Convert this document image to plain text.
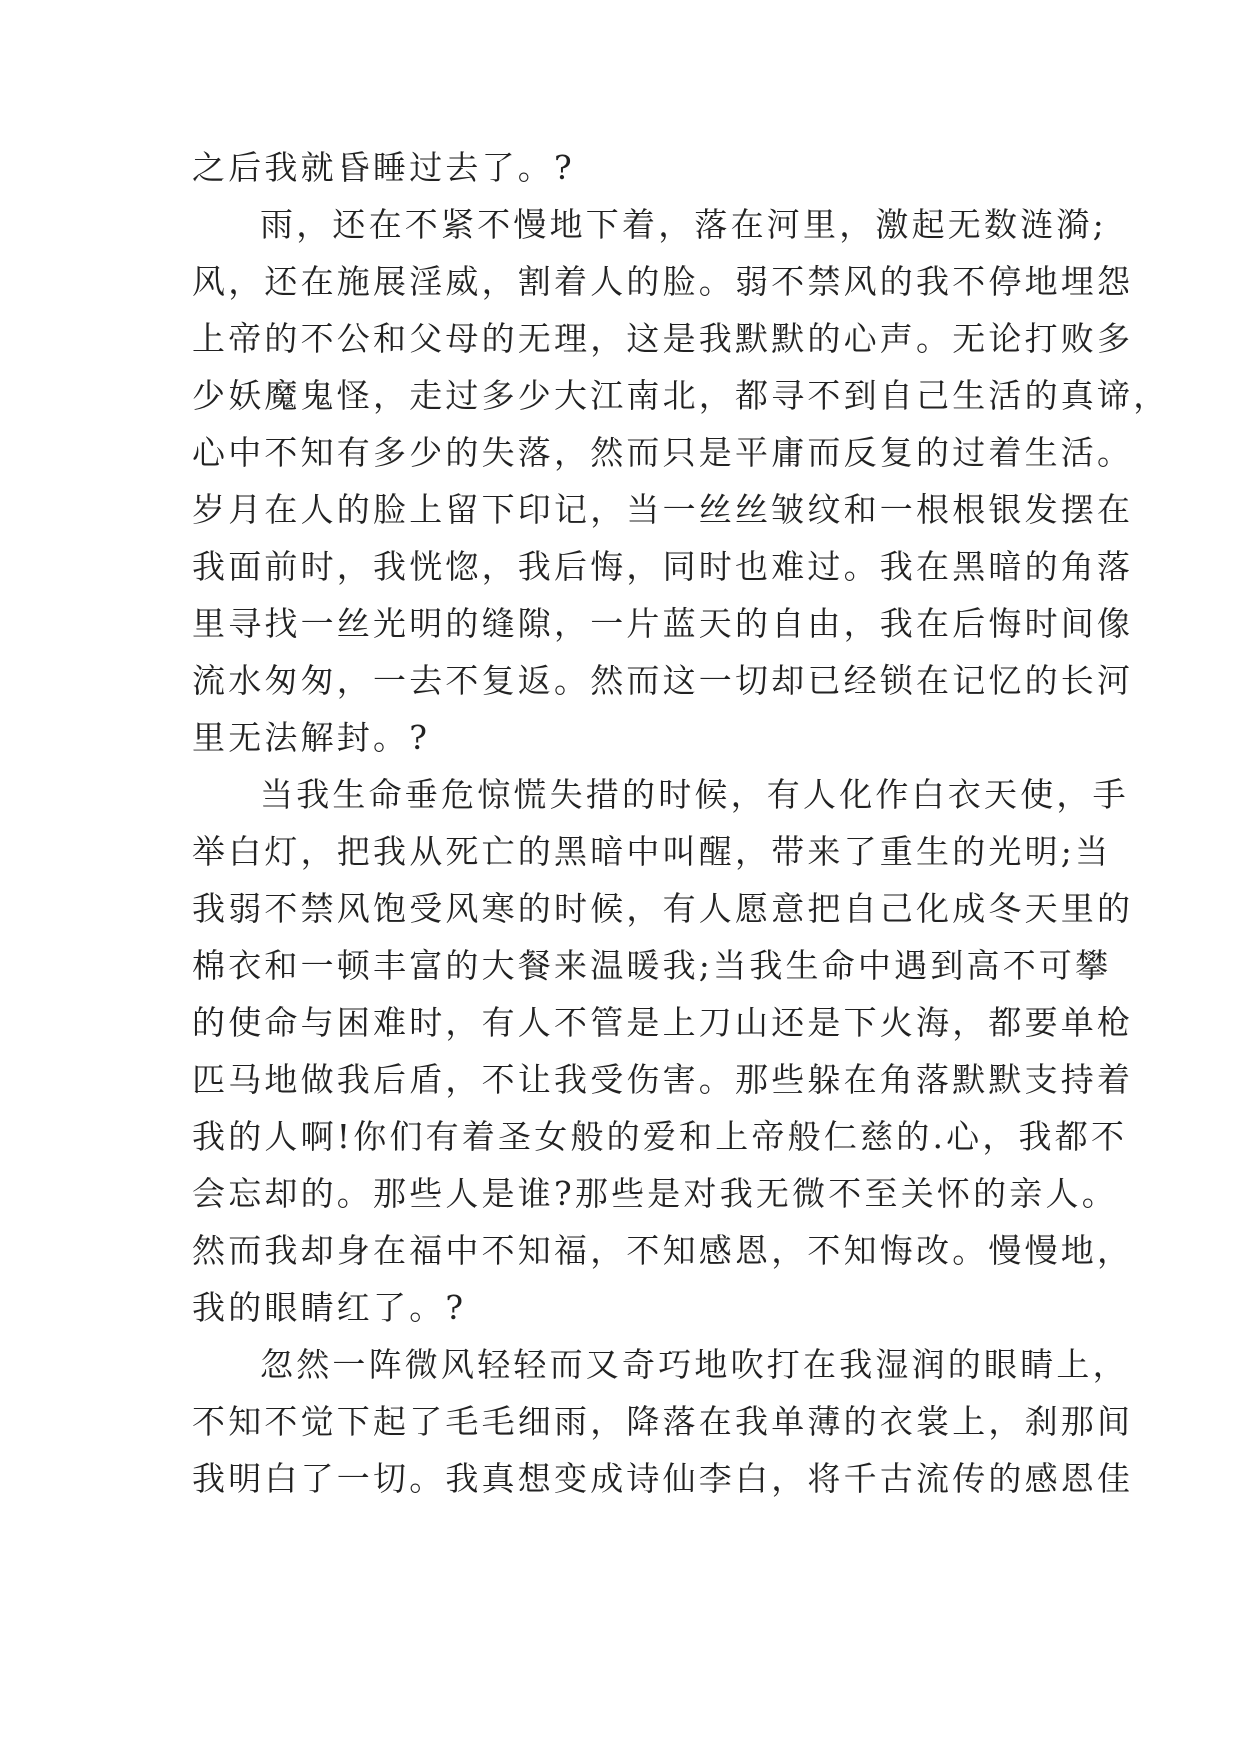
之后我就昏睡过去了。?
雨，还在不紧不慢地下着，落在河里，激起无数涟漪;
风，还在施展淫威，割着人的脸。弱不禁风的我不停地埋怨
上帝的不公和父母的无理，这是我默默的心声。无论打败多
少妖魔鬼怪，走过多少大江南北，都寻不到自己生活的真谛，
心中不知有多少的失落，然而只是平庸而反复的过着生活。
岁月在人的脸上留下印记，当一丝丝皱纹和一根根银发摆在
我面前时，我恍惚，我后悔，同时也难过。我在黑暗的角落
里寻找一丝光明的缝隙，一片蓝天的自由，我在后悔时间像
流水匆匆，一去不复返。然而这一切却已经锁在记忆的长河
里无法解封。?
当我生命垂危惊慌失措的时候，有人化作白衣天使，手
举白灯，把我从死亡的黑暗中叫醒，带来了重生的光明;当
我弱不禁风饱受风寒的时候，有人愿意把自己化成冬天里的
棉衣和一顿丰富的大餐来温暖我;当我生命中遇到高不可攀
的使命与困难时，有人不管是上刀山还是下火海，都要单枪
匹马地做我后盾，不让我受伤害。那些躲在角落默默支持着
我的人啊!你们有着圣女般的爱和上帝般仁慈的.心，我都不
会忘却的。那些人是谁?那些是对我无微不至关怀的亲人。
然而我却身在福中不知福，不知感恩，不知悔改。慢慢地，
我的眼睛红了。?
忽然一阵微风轻轻而又奇巧地吹打在我湿润的眼睛上，
不知不觉下起了毛毛细雨，降落在我单薄的衣裳上，刹那间
我明白了一切。我真想变成诗仙李白，将千古流传的感恩佳
